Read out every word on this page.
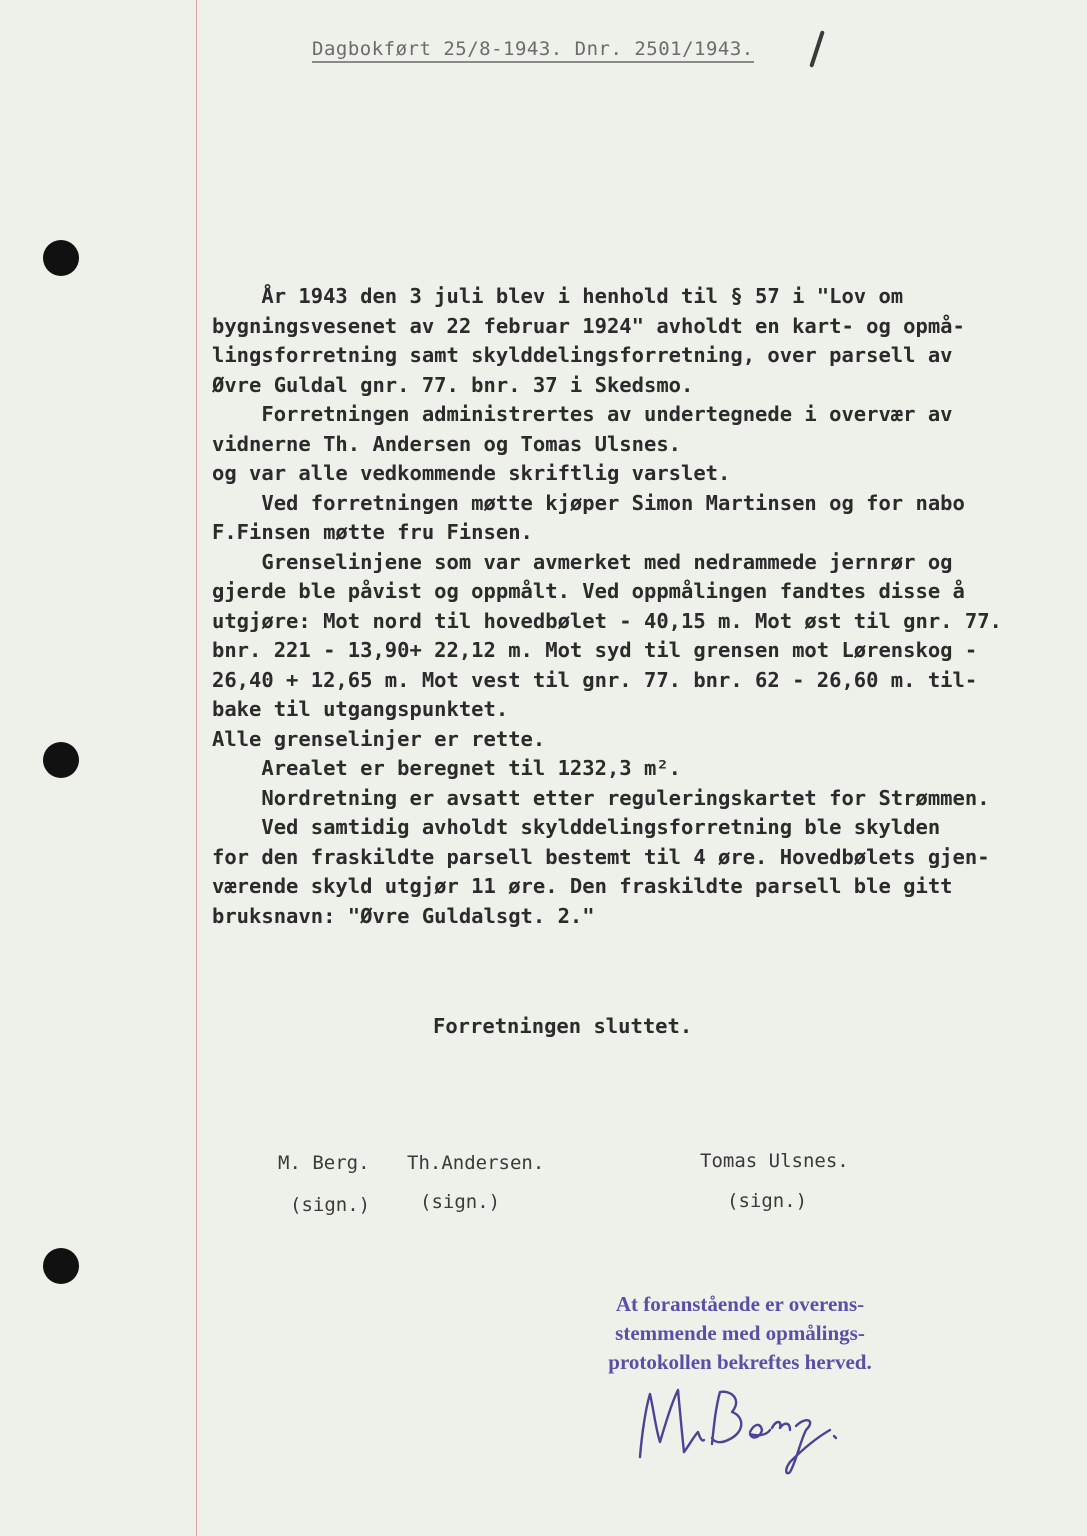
Dagbokført 25/8-1943. Dnr. 2501/1943.
År 1943 den 3 juli blev i henhold til § 57 i "Lov om
bygningsvesenet av 22 februar 1924" avholdt en kart- og opmå-
lingsforretning samt skylddelingsforretning, over parsell av
Øvre Guldal gnr. 77. bnr. 37 i Skedsmo.
Forretningen administrertes av undertegnede i overvær av
vidnerne Th. Andersen og Tomas Ulsnes.
og var alle vedkommende skriftlig varslet.
Ved forretningen møtte kjøper Simon Martinsen og for nabo
F.Finsen møtte fru Finsen.
Grenselinjene som var avmerket med nedrammede jernrør og
gjerde ble påvist og oppmålt. Ved oppmålingen fandtes disse å
utgjøre: Mot nord til hovedbølet - 40,15 m. Mot øst til gnr. 77.
bnr. 221 - 13,90+ 22,12 m. Mot syd til grensen mot Lørenskog -
26,40 + 12,65 m. Mot vest til gnr. 77. bnr. 62 - 26,60 m. til-
bake til utgangspunktet.
Alle grenselinjer er rette.
Arealet er beregnet til 1232,3 m².
Nordretning er avsatt etter reguleringskartet for Strømmen.
Ved samtidig avholdt skylddelingsforretning ble skylden
for den fraskildte parsell bestemt til 4 øre. Hovedbølets gjen-
værende skyld utgjør 11 øre. Den fraskildte parsell ble gitt
bruksnavn: "Øvre Guldalsgt. 2."
Forretningen sluttet.
M. Berg. Th.Andersen.	Tomas Ulsnes.
(sign.)	(sign.)	(sign.)
At foranstående er overens-
stemmende med opmålings-
protokollen bekreftes herved.
